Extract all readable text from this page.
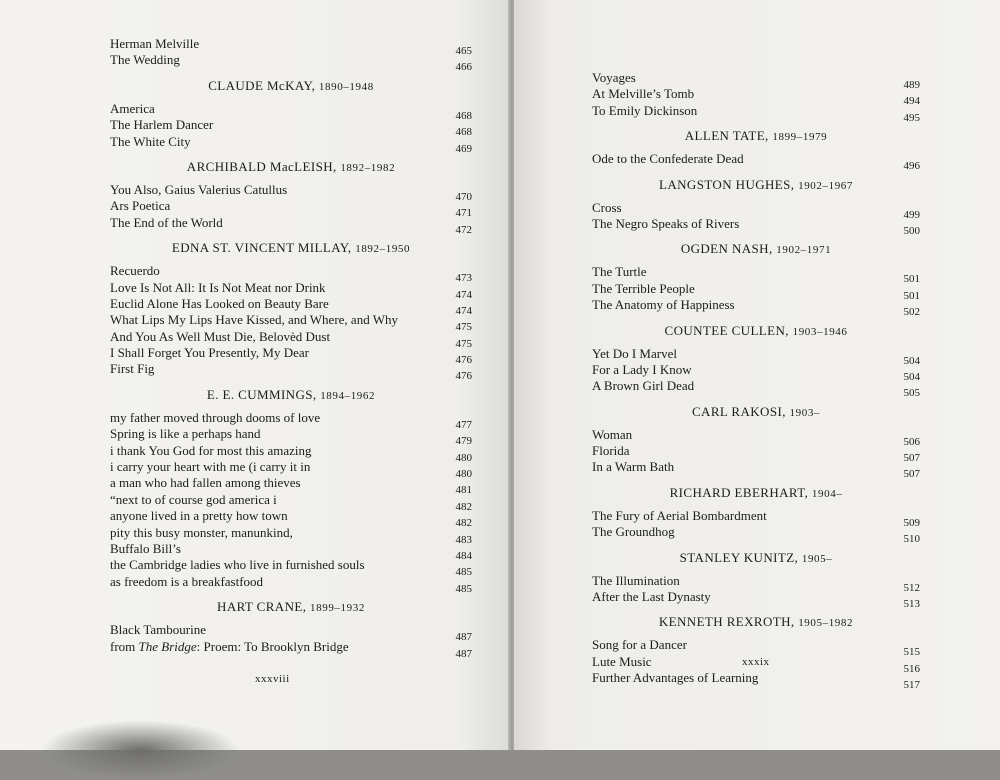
Herman Melville	465
The Wedding	466
CLAUDE McKAY, 1890–1948
America	468
The Harlem Dancer	468
The White City	469
ARCHIBALD MacLEISH, 1892–1982
You Also, Gaius Valerius Catullus	470
Ars Poetica	471
The End of the World	472
EDNA ST. VINCENT MILLAY, 1892–1950
Recuerdo	473
Love Is Not All: It Is Not Meat nor Drink	474
Euclid Alone Has Looked on Beauty Bare	474
What Lips My Lips Have Kissed, and Where, and Why	475
And You As Well Must Die, Belovèd Dust	475
I Shall Forget You Presently, My Dear	476
First Fig	476
E. E. CUMMINGS, 1894–1962
my father moved through dooms of love	477
Spring is like a perhaps hand	479
i thank You God for most this amazing	480
i carry your heart with me (i carry it in	480
a man who had fallen among thieves	481
“next to of course god america i	482
anyone lived in a pretty how town	482
pity this busy monster, manunkind,	483
Buffalo Bill’s	484
the Cambridge ladies who live in furnished souls	485
as freedom is a breakfastfood	485
HART CRANE, 1899–1932
Black Tambourine	487
from The Bridge: Proem: To Brooklyn Bridge	487
xxxviii
Voyages	489
At Melville’s Tomb	494
To Emily Dickinson	495
ALLEN TATE, 1899–1979
Ode to the Confederate Dead	496
LANGSTON HUGHES, 1902–1967
Cross	499
The Negro Speaks of Rivers	500
OGDEN NASH, 1902–1971
The Turtle	501
The Terrible People	501
The Anatomy of Happiness	502
COUNTEE CULLEN, 1903–1946
Yet Do I Marvel	504
For a Lady I Know	504
A Brown Girl Dead	505
CARL RAKOSI, 1903–
Woman	506
Florida	507
In a Warm Bath	507
RICHARD EBERHART, 1904–
The Fury of Aerial Bombardment	509
The Groundhog	510
STANLEY KUNITZ, 1905–
The Illumination	512
After the Last Dynasty	513
KENNETH REXROTH, 1905–1982
Song for a Dancer	515
Lute Music	516
Further Advantages of Learning	517
xxxix
